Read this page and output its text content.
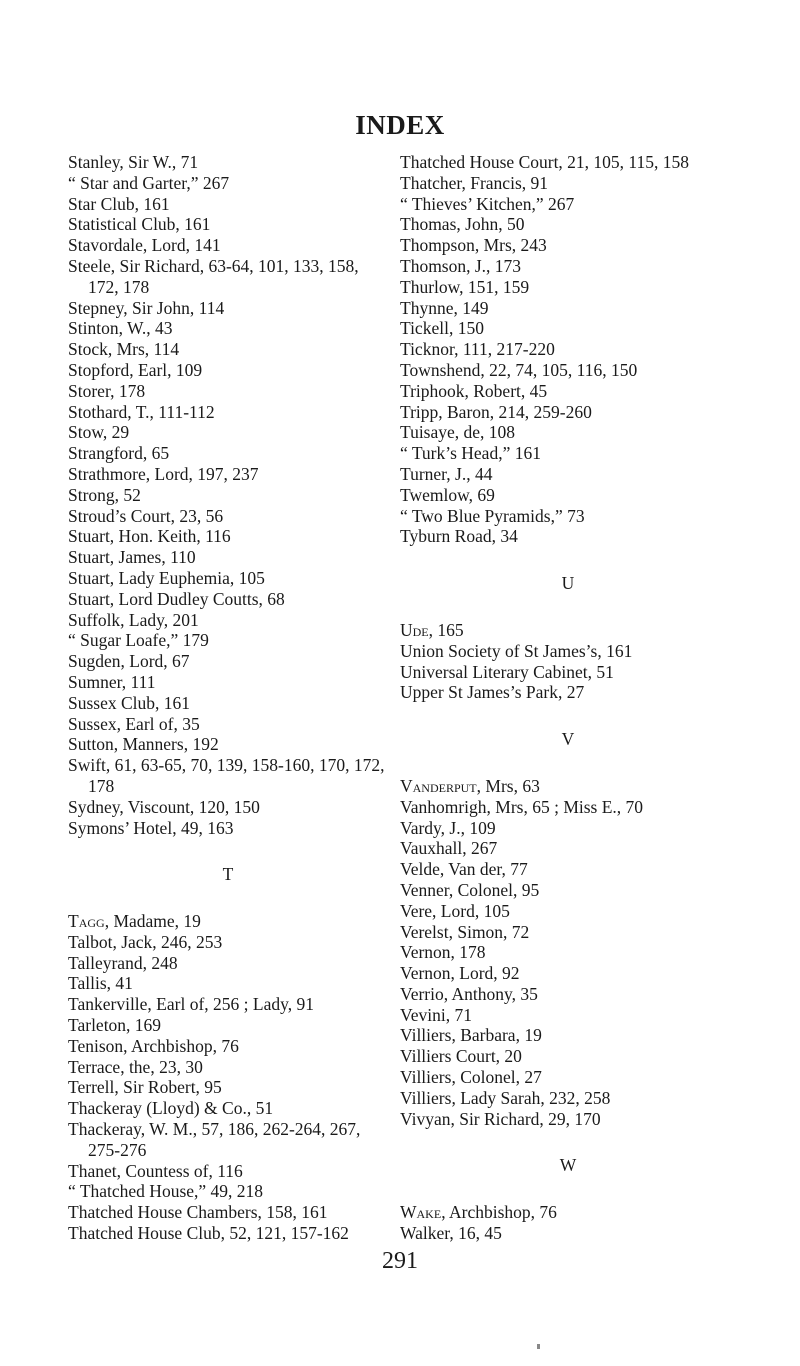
INDEX

Stanley, Sir W., 71

“ Star and Garter,” 267

Star Club, 161

Statistical Club, 161

Stavordale, Lord, 141

Steele, Sir Richard, 63-64, 101, 133, 158, 172, 178

Stepney, Sir John, 114

Stinton, W., 43

Stock, Mrs, 114

Stopford, Earl, 109

Storer, 178

Stothard, T., 111-112

Stow, 29

Strangford, 65

Strathmore, Lord, 197, 237

Strong, 52

Stroud’s Court, 23, 56

Stuart, Hon. Keith, 116

Stuart, James, 110

Stuart, Lady Euphemia, 105

Stuart, Lord Dudley Coutts, 68

Suffolk, Lady, 201

“ Sugar Loafe,” 179

Sugden, Lord, 67

Sumner, 111

Sussex Club, 161

Sussex, Earl of, 35

Sutton, Manners, 192

Swift, 61, 63-65, 70, 139, 158-160, 170, 172, 178

Sydney, Viscount, 120, 150

Symons’ Hotel, 49, 163

T

Tagg, Madame, 19

Talbot, Jack, 246, 253

Talleyrand, 248

Tallis, 41

Tankerville, Earl of, 256 ; Lady, 91

Tarleton, 169

Tenison, Archbishop, 76

Terrace, the, 23, 30

Terrell, Sir Robert, 95

Thackeray (Lloyd) & Co., 51

Thackeray, W. M., 57, 186, 262-264, 267, 275-276

Thanet, Countess of, 116

“ Thatched House,” 49, 218

Thatched House Chambers, 158, 161

Thatched House Club, 52, 121, 157-162

Thatched House Court, 21, 105, 115, 158

Thatcher, Francis, 91

“ Thieves’ Kitchen,” 267

Thomas, John, 50

Thompson, Mrs, 243

Thomson, J., 173

Thurlow, 151, 159

Thynne, 149

Tickell, 150

Ticknor, 111, 217-220

Townshend, 22, 74, 105, 116, 150

Triphook, Robert, 45

Tripp, Baron, 214, 259-260

Tuisaye, de, 108

“ Turk’s Head,” 161

Turner, J., 44

Twemlow, 69

“ Two Blue Pyramids,” 73

Tyburn Road, 34

U

Ude, 165

Union Society of St James’s, 161

Universal Literary Cabinet, 51

Upper St James’s Park, 27

V

Vanderput, Mrs, 63

Vanhomrigh, Mrs, 65 ; Miss E., 70

Vardy, J., 109

Vauxhall, 267

Velde, Van der, 77

Venner, Colonel, 95

Vere, Lord, 105

Verelst, Simon, 72

Vernon, 178

Vernon, Lord, 92

Verrio, Anthony, 35

Vevini, 71

Villiers, Barbara, 19

Villiers Court, 20

Villiers, Colonel, 27

Villiers, Lady Sarah, 232, 258

Vivyan, Sir Richard, 29, 170

W

Wake, Archbishop, 76

Walker, 16, 45

291
